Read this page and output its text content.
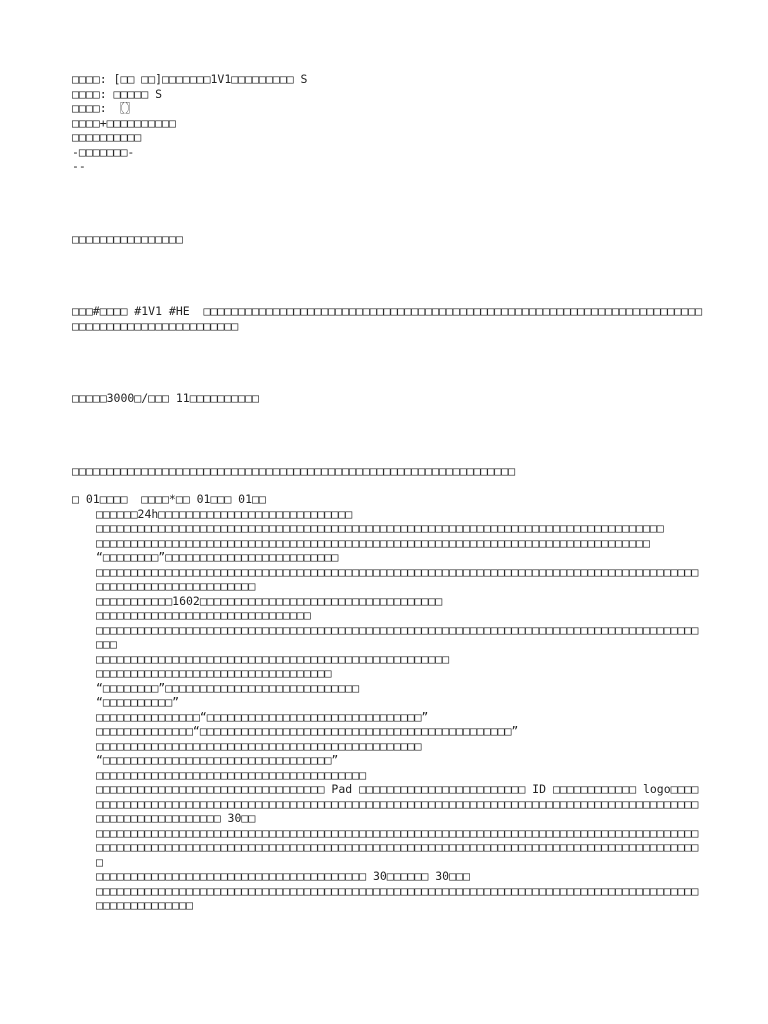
□□□□: [□□ □□]□□□□□□□1V1□□□□□□□□□ S

□□□□: □□□□□ S

□□□□: 〖〗

□□□□+□□□□□□□□□□

□□□□□□□□□□

-□□□□□□□-

--

□□□□□□□□□□□□□□□□

□□□#□□□□ #1V1 #HE  □□□□□□□□□□□□□□□□□□□□□□□□□□□□□□□□□□□□□□□□□□□□□□□□□□□□□□□□□□□□□□□□□□□□□□□□□□□□□□□□□□□□□□□□□□□□□□□□

□□□□□3000□/□□□ 11□□□□□□□□□□

□□□□□□□□□□□□□□□□□□□□□□□□□□□□□□□□□□□□□□□□□□□□□□□□□□□□□□□□□□□□□□□□

□ 01□□□□  □□□□*□□ 01□□□ 01□□

□□□□□□24h□□□□□□□□□□□□□□□□□□□□□□□□□□□□

□□□□□□□□□□□□□□□□□□□□□□□□□□□□□□□□□□□□□□□□□□□□□□□□□□□□□□□□□□□□□□□□□□□□□□□□□□□□□□□□□□

□□□□□□□□□□□□□□□□□□□□□□□□□□□□□□□□□□□□□□□□□□□□□□□□□□□□□□□□□□□□□□□□□□□□□□□□□□□□□□□□

“□□□□□□□□”□□□□□□□□□□□□□□□□□□□□□□□□□

□□□□□□□□□□□□□□□□□□□□□□□□□□□□□□□□□□□□□□□□□□□□□□□□□□□□□□□□□□□□□□□□□□□□□□□□□□□□□□□□□□□□□□□□□□□□□□□□□□□□□□□□□□□□□□

□□□□□□□□□□□1602□□□□□□□□□□□□□□□□□□□□□□□□□□□□□□□□□□□

□□□□□□□□□□□□□□□□□□□□□□□□□□□□□□□

□□□□□□□□□□□□□□□□□□□□□□□□□□□□□□□□□□□□□□□□□□□□□□□□□□□□□□□□□□□□□□□□□□□□□□□□□□□□□□□□□□□□□□□□□□

□□□□□□□□□□□□□□□□□□□□□□□□□□□□□□□□□□□□□□□□□□□□□□□□□□□

□□□□□□□□□□□□□□□□□□□□□□□□□□□□□□□□□□

“□□□□□□□□”□□□□□□□□□□□□□□□□□□□□□□□□□□□□

“□□□□□□□□□□”

□□□□□□□□□□□□□□□“□□□□□□□□□□□□□□□□□□□□□□□□□□□□□□□”

□□□□□□□□□□□□□□“□□□□□□□□□□□□□□□□□□□□□□□□□□□□□□□□□□□□□□□□□□□□□”

□□□□□□□□□□□□□□□□□□□□□□□□□□□□□□□□□□□□□□□□□□□□□□□

“□□□□□□□□□□□□□□□□□□□□□□□□□□□□□□□□□”

□□□□□□□□□□□□□□□□□□□□□□□□□□□□□□□□□□□□□□□

□□□□□□□□□□□□□□□□□□□□□□□□□□□□□□□□□ Pad □□□□□□□□□□□□□□□□□□□□□□□□ ID □□□□□□□□□□□□ logo□□□□□□□□□□□□□□□□□□□□□□□□□□□□□□□□□□□□□□□□□□□□□□□□□□□□□□□□□□□□□□□□□□□□□□□□□□□□□□□□□□□□□□□□□□□□□□□□□□□□□□□□□□□□□ 30□□

□□□□□□□□□□□□□□□□□□□□□□□□□□□□□□□□□□□□□□□□□□□□□□□□□□□□□□□□□□□□□□□□□□□□□□□□□□□□□□□□□□□□□□□□□□□□□□□□□□□□□□□□□□□□□□□□□□□□□□□□□□□□□□□□□□□□□□□□□□□□□□□□□□□□□□□□□□□□□□□□□□□□□□□□□□□□□□□

□□□□□□□□□□□□□□□□□□□□□□□□□□□□□□□□□□□□□□□ 30□□□□□□ 30□□□

□□□□□□□□□□□□□□□□□□□□□□□□□□□□□□□□□□□□□□□□□□□□□□□□□□□□□□□□□□□□□□□□□□□□□□□□□□□□□□□□□□□□□□□□□□□□□□□□□□□□□
